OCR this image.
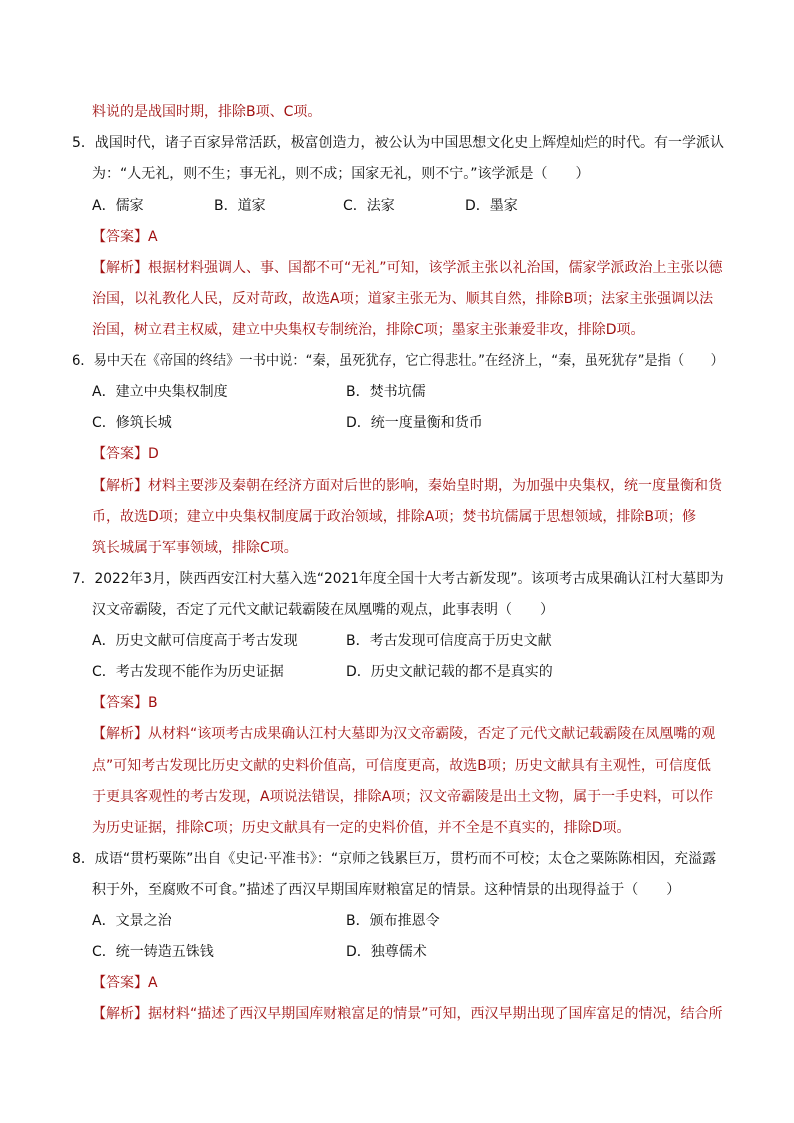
料说的是战国时期，排除B项、C项。
5．战国时代，诸子百家异常活跃，极富创造力，被公认为中国思想文化史上辉煌灿烂的时代。有一学派认
为：“人无礼，则不生；事无礼，则不成；国家无礼，则不宁。”该学派是（　　）
A．儒家	B．道家	C．法家	D．墨家
【答案】A
【解析】根据材料强调人、事、国都不可“无礼”可知，该学派主张以礼治国，儒家学派政治上主张以德
治国，以礼教化人民，反对苛政，故选A项；道家主张无为、顺其自然，排除B项；法家主张强调以法
治国，树立君主权威，建立中央集权专制统治，排除C项；墨家主张兼爱非攻，排除D项。
6．易中天在《帝国的终结》一书中说：“秦，虽死犹存，它亡得悲壮。”在经济上，“秦，虽死犹存”是指（　　）
A．建立中央集权制度	B．焚书坑儒
C．修筑长城	D．统一度量衡和货币
【答案】D
【解析】材料主要涉及秦朝在经济方面对后世的影响，秦始皇时期，为加强中央集权，统一度量衡和货
币，故选D项；建立中央集权制度属于政治领域，排除A项；焚书坑儒属于思想领域，排除B项；修
筑长城属于军事领域，排除C项。
7．2022年3月，陕西西安江村大墓入选“2021年度全国十大考古新发现”。该项考古成果确认江村大墓即为
汉文帝霸陵，否定了元代文献记载霸陵在凤凰嘴的观点，此事表明（　　）
A．历史文献可信度高于考古发现	B．考古发现可信度高于历史文献
C．考古发现不能作为历史证据	D．历史文献记载的都不是真实的
【答案】B
【解析】从材料“该项考古成果确认江村大墓即为汉文帝霸陵，否定了元代文献记载霸陵在凤凰嘴的观
点”可知考古发现比历史文献的史料价值高，可信度更高，故选B项；历史文献具有主观性，可信度低
于更具客观性的考古发现，A项说法错误，排除A项；汉文帝霸陵是出土文物，属于一手史料，可以作
为历史证据，排除C项；历史文献具有一定的史料价值，并不全是不真实的，排除D项。
8．成语“贯朽粟陈”出自《史记·平准书》：“京师之钱累巨万，贯朽而不可校；太仓之粟陈陈相因，充溢露
积于外，至腐败不可食。”描述了西汉早期国库财粮富足的情景。这种情景的出现得益于（　　）
A．文景之治	B．颁布推恩令
C．统一铸造五铢钱	D．独尊儒术
【答案】A
【解析】据材料“描述了西汉早期国库财粮富足的情景”可知，西汉早期出现了国库富足的情况，结合所
